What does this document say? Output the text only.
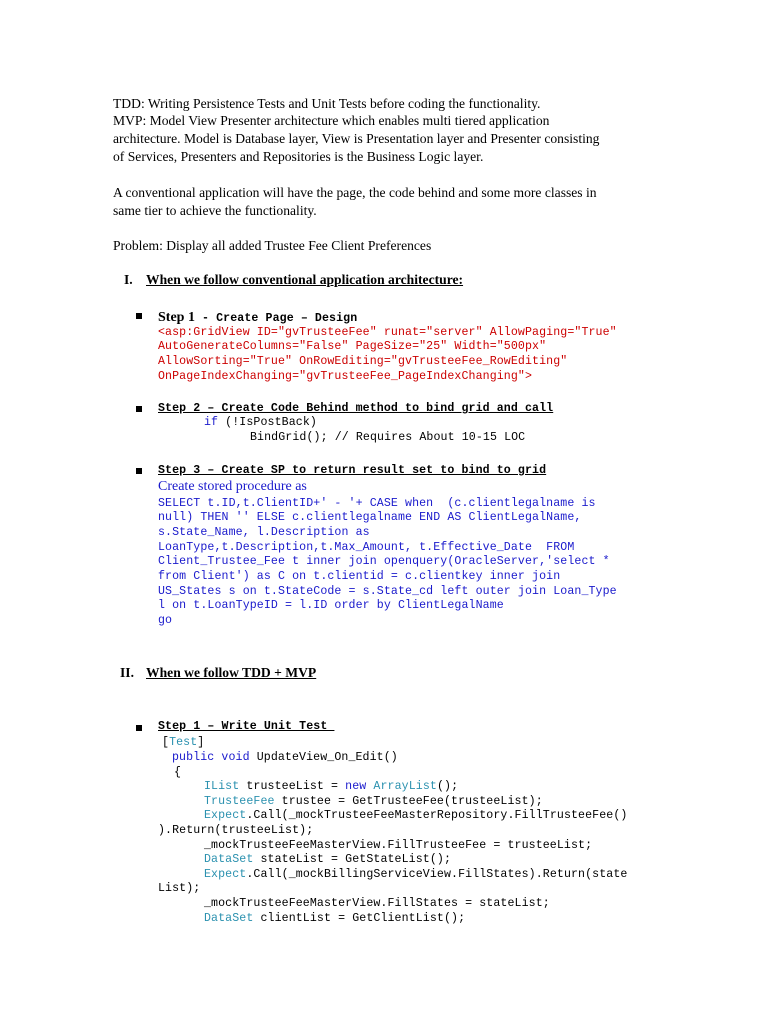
TDD: Writing Persistence Tests and Unit Tests before coding the functionality.
MVP: Model View Presenter architecture which enables multi tiered application
architecture. Model is Database layer, View is Presentation layer and Presenter consisting
of Services, Presenters and Repositories is the Business Logic layer.
A conventional application will have the page, the code behind and some more classes in
same tier to achieve the functionality.
Problem: Display all added Trustee Fee Client Preferences
I. When we follow conventional application architecture:
Step 1 - Create Page – Design
<asp:GridView ID="gvTrusteeFee" runat="server" AllowPaging="True"
AutoGenerateColumns="False" PageSize="25" Width="500px"
AllowSorting="True" OnRowEditing="gvTrusteeFee_RowEditing"
OnPageIndexChanging="gvTrusteeFee_PageIndexChanging">
Step 2 – Create Code Behind method to bind grid and call
if (!IsPostBack)
BindGrid(); // Requires About 10-15 LOC
Step 3 – Create SP to return result set to bind to grid
Create stored procedure as
SELECT t.ID,t.ClientID+' - '+ CASE when  (c.clientlegalname is
null) THEN '' ELSE c.clientlegalname END AS ClientLegalName,
s.State_Name, l.Description as
LoanType,t.Description,t.Max_Amount, t.Effective_Date  FROM
Client_Trustee_Fee t inner join openquery(OracleServer,'select *
from Client') as C on t.clientid = c.clientkey inner join
US_States s on t.StateCode = s.State_cd left outer join Loan_Type
l on t.LoanTypeID = l.ID order by ClientLegalName
go
II. When we follow TDD + MVP
Step 1 – Write Unit Test
[Test]
public void UpdateView_On_Edit()
{
IList trusteeList = new ArrayList();
TrusteeFee trustee = GetTrusteeFee(trusteeList);
Expect.Call(_mockTrusteeFeeMasterRepository.FillTrusteeFee()
).Return(trusteeList);
_mockTrusteeFeeMasterView.FillTrusteeFee = trusteeList;
DataSet stateList = GetStateList();
Expect.Call(_mockBillingServiceView.FillStates).Return(state
List);
_mockTrusteeFeeMasterView.FillStates = stateList;
DataSet clientList = GetClientList();
